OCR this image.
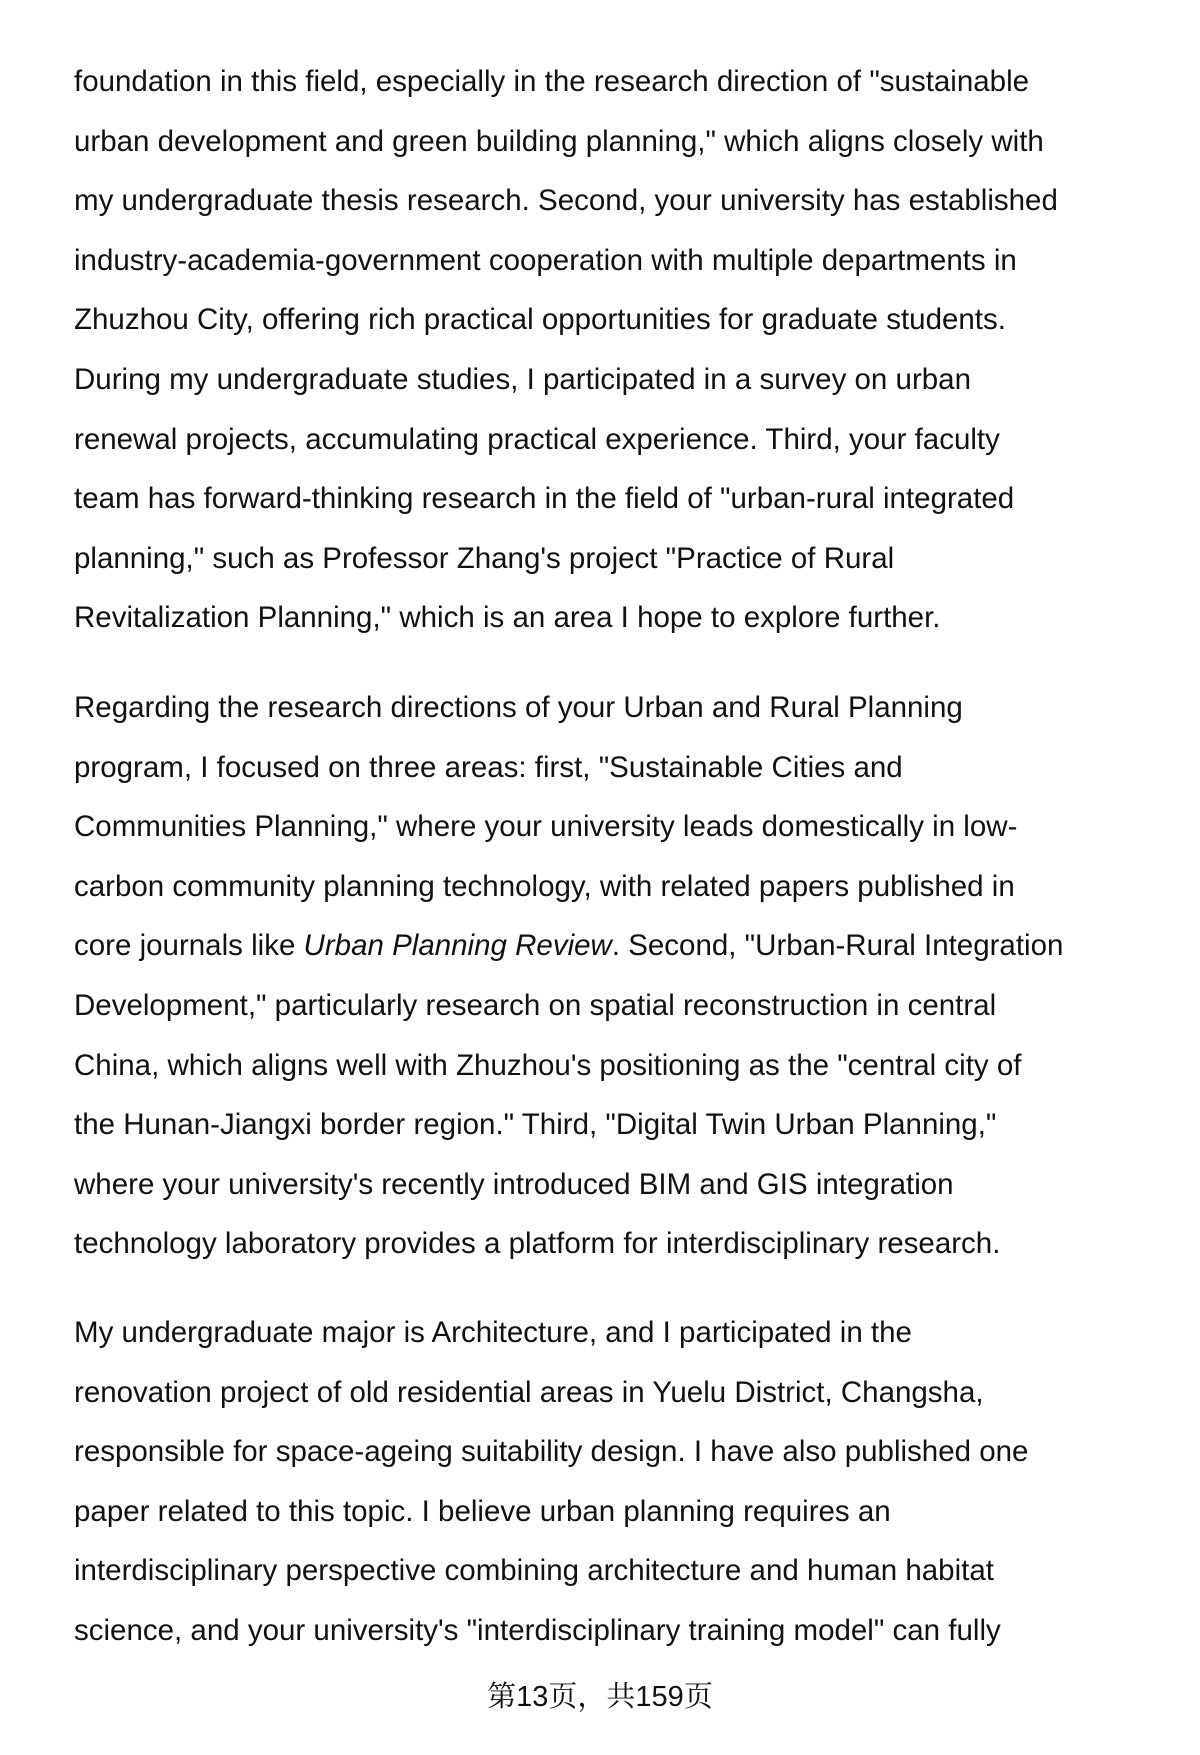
foundation in this field, especially in the research direction of "sustainable
urban development and green building planning," which aligns closely with
my undergraduate thesis research. Second, your university has established
industry-academia-government cooperation with multiple departments in
Zhuzhou City, offering rich practical opportunities for graduate students.
During my undergraduate studies, I participated in a survey on urban
renewal projects, accumulating practical experience. Third, your faculty
team has forward-thinking research in the field of "urban-rural integrated
planning," such as Professor Zhang's project "Practice of Rural
Revitalization Planning," which is an area I hope to explore further.
Regarding the research directions of your Urban and Rural Planning
program, I focused on three areas: first, "Sustainable Cities and
Communities Planning," where your university leads domestically in low-
carbon community planning technology, with related papers published in
core journals like Urban Planning Review. Second, "Urban-Rural Integration
Development," particularly research on spatial reconstruction in central
China, which aligns well with Zhuzhou's positioning as the "central city of
the Hunan-Jiangxi border region." Third, "Digital Twin Urban Planning,"
where your university's recently introduced BIM and GIS integration
technology laboratory provides a platform for interdisciplinary research.
My undergraduate major is Architecture, and I participated in the
renovation project of old residential areas in Yuelu District, Changsha,
responsible for space-ageing suitability design. I have also published one
paper related to this topic. I believe urban planning requires an
interdisciplinary perspective combining architecture and human habitat
science, and your university's "interdisciplinary training model" can fully
第13页，共159页
